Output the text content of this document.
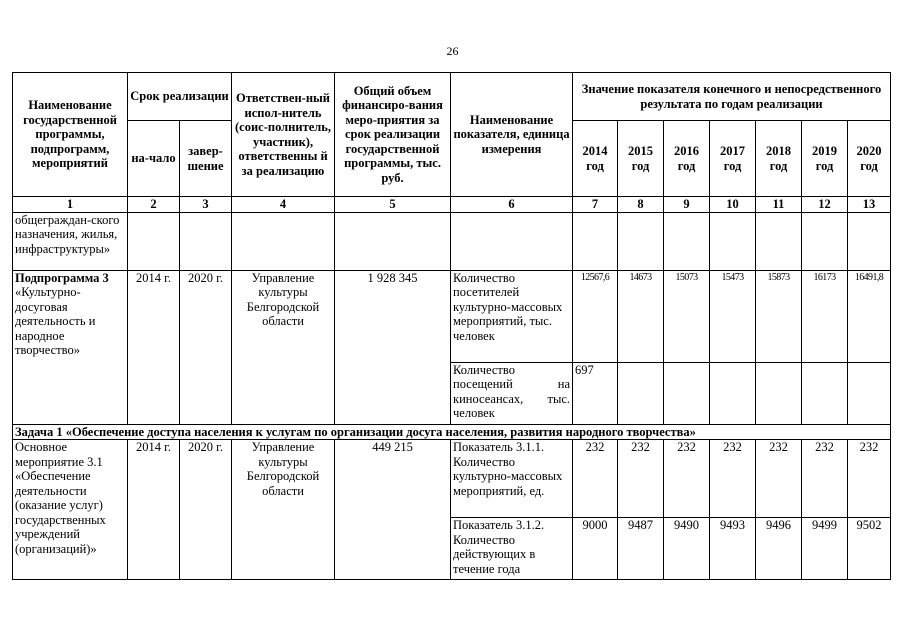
26
Наименование государственной программы, подпрограмм, мероприятий	Срок реализации		Ответствен-ный испол-нитель (соис-полнитель, участник), ответственны й за реализацию	Общий объем финансиро-вания меро-приятия за срок реализации государственной программы, тыс. руб.	Наименование показателя, единица измерения	Значение показателя конечного и непосредственного результата по годам реализации						
	на-чало	завер-шение				2014 год	2015 год	2016 год	2017 год	2018 год	2019 год	2020 год
1	2	3	4	5	6	7	8	9	10	11	12	13
общеграждан-ского назначения, жилья, инфраструктуры»												
Подпрограмма 3 «Культурно-досуговая деятельность и народное творчество»	2014 г.	2020 г.	Управление культуры Белгородской области	1 928 345	Количество посетителей культурно-массовых мероприятий, тыс. человек	12567,6	14673	15073	15473	15873	16173	16491,8
					Количество посещений на киносеансах, тыс. человек	697						
Задача 1 «Обеспечение доступа населения к услугам по организации досуга населения, развития народного творчества»												
Основное мероприятие 3.1 «Обеспечение деятельности (оказание услуг) государственных учреждений (организаций)»	2014 г.	2020 г.	Управление культуры Белгородской области	449 215	Показатель 3.1.1. Количество культурно-массовых мероприятий, ед.	232	232	232	232	232	232	232
					Показатель 3.1.2. Количество действующих в течение года	9000	9487	9490	9493	9496	9499	9502
